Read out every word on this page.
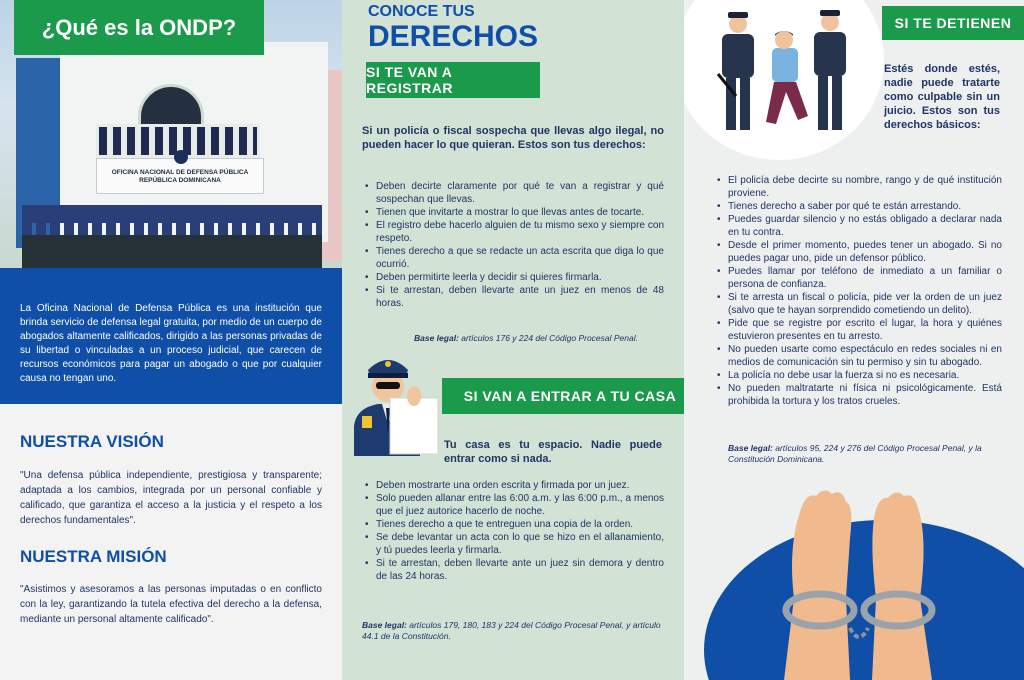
OFICINA NACIONAL DE DEFENSA PÚBLICA
REPÚBLICA DOMINICANA
¿Qué es la ONDP?
La Oficina Nacional de Defensa Pública es una institución que brinda servicio de defensa legal gratuita, por medio de un cuerpo de abogados altamente calificados, dirigido a las personas privadas de su libertad o vinculadas a un proceso judicial, que carecen de recursos económicos para pagar un abogado o que por cualquier causa no tengan uno.
NUESTRA VISIÓN

"Una defensa pública independiente, prestigiosa y transparente; adaptada a los cambios, integrada por un personal confiable y calificado, que garantiza el acceso a la justicia y el respeto a los derechos fundamentales".

NUESTRA MISIÓN

"Asistimos y asesoramos a las personas imputadas o en conflicto con la ley, garantizando la tutela efectiva del derecho a la defensa, mediante un personal altamente calificado".

CONOCE TUS
DERECHOS
SI TE VAN A REGISTRAR

Si un policía o fiscal sospecha que llevas algo ilegal, no pueden hacer lo que quieran. Estos son tus derechos:

• Deben decirte claramente por qué te van a registrar y qué sospechan que llevas.
• Tienen que invitarte a mostrar lo que llevas antes de tocarte.
• El registro debe hacerlo alguien de tu mismo sexo y siempre con respeto.
• Tienes derecho a que se redacte un acta escrita que diga lo que ocurrió.
• Deben permitirte leerla y decidir si quieres firmarla.
• Si te arrestan, deben llevarte ante un juez en menos de 48 horas.
Base legal: artículos 176 y 224 del Código Procesal Penal.
SI VAN A ENTRAR A TU CASA

Tu casa es tu espacio. Nadie puede entrar como si nada.

• Deben mostrarte una orden escrita y firmada por un juez.
• Solo pueden allanar entre las 6:00 a.m. y las 6:00 p.m., a menos que el juez autorice hacerlo de noche.
• Tienes derecho a que te entreguen una copia de la orden.
• Se debe levantar un acta con lo que se hizo en el allanamiento, y tú puedes leerla y firmarla.
• Si te arrestan, deben llevarte ante un juez sin demora y dentro de las 24 horas.
Base legal: artículos 179, 180, 183 y 224 del Código Procesal Penal, y artículo 44.1 de la Constitución.
SI TE DETIENEN

Estés donde estés, nadie puede tratarte como culpable sin un juicio. Estos son tus derechos básicos:

• El policía debe decirte su nombre, rango y de qué institución proviene.
• Tienes derecho a saber por qué te están arrestando.
• Puedes guardar silencio y no estás obligado a declarar nada en tu contra.
• Desde el primer momento, puedes tener un abogado. Si no puedes pagar uno, pide un defensor público.
• Puedes llamar por teléfono de inmediato a un familiar o persona de confianza.
• Si te arresta un fiscal o policía, pide ver la orden de un juez (salvo que te hayan sorprendido cometiendo un delito).
• Pide que se registre por escrito el lugar, la hora y quiénes estuvieron presentes en tu arresto.
• No pueden usarte como espectáculo en redes sociales ni en medios de comunicación sin tu permiso y sin tu abogado.
• La policía no debe usar la fuerza si no es necesaria.
• No pueden maltratarte ni física ni psicológicamente. Está prohibida la tortura y los tratos crueles.
Base legal: artículos 95, 224 y 276 del Código Procesal Penal, y la Constitución Dominicana.
